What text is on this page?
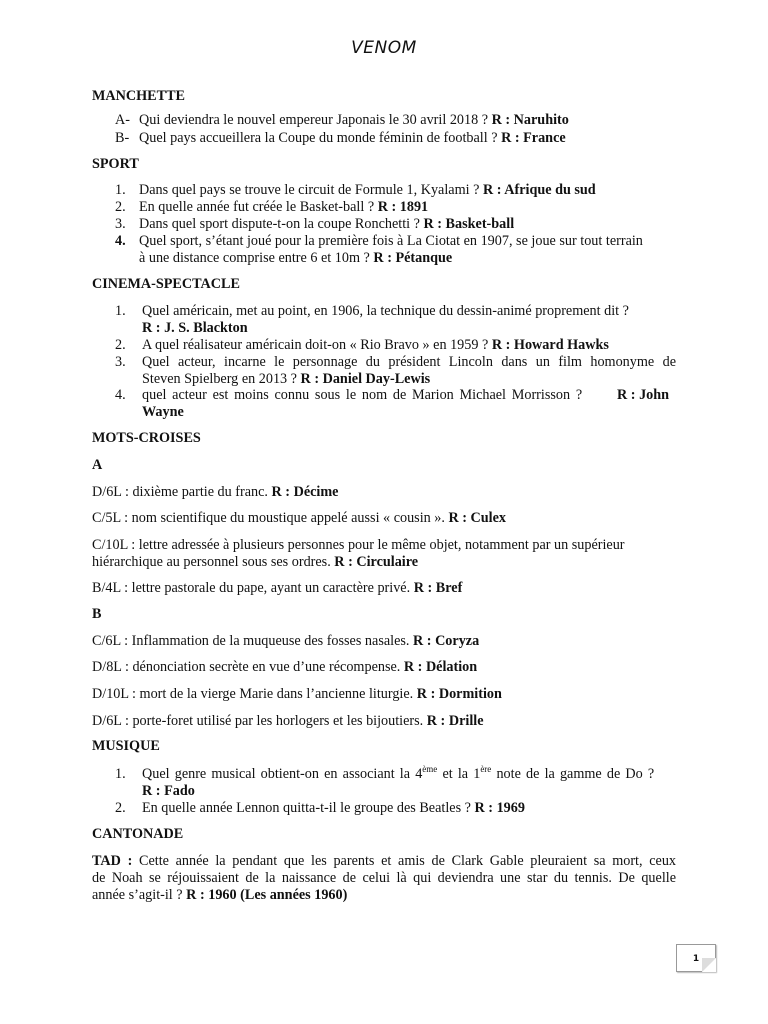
VENOM
MANCHETTE
A- Qui deviendra le nouvel empereur Japonais le 30 avril 2018 ? R : Naruhito
B- Quel pays accueillera la Coupe du monde féminin de football ? R : France
SPORT
1. Dans quel pays se trouve le circuit de Formule 1, Kyalami ? R : Afrique du sud
2. En quelle année fut créée le Basket-ball ? R : 1891
3. Dans quel sport dispute-t-on la coupe Ronchetti ? R : Basket-ball
4. Quel sport, s’étant joué pour la première fois à La Ciotat en 1907, se joue sur tout terrain
à une distance comprise entre 6 et 10m ? R : Pétanque
CINEMA-SPECTACLE
1. Quel américain, met au point, en 1906, la technique du dessin-animé proprement dit ?
R : J. S. Blackton
2. A quel réalisateur américain doit-on « Rio Bravo » en 1959 ? R : Howard Hawks
3. Quel acteur, incarne le personnage du président Lincoln dans un film homonyme de
Steven Spielberg en 2013 ? R : Daniel Day-Lewis
4. quel acteur est moins connu sous le nom de Marion Michael Morrisson ? R : John
Wayne
MOTS-CROISES
A
D/6L : dixième partie du franc. R : Décime
C/5L : nom scientifique du moustique appelé aussi « cousin ». R : Culex
C/10L : lettre adressée à plusieurs personnes pour le même objet, notamment par un supérieur
hiérarchique au personnel sous ses ordres. R : Circulaire
B/4L : lettre pastorale du pape, ayant un caractère privé. R : Bref
B
C/6L : Inflammation de la muqueuse des fosses nasales. R : Coryza
D/8L : dénonciation secrète en vue d’une récompense. R : Délation
D/10L : mort de la vierge Marie dans l’ancienne liturgie. R : Dormition
D/6L : porte-foret utilisé par les horlogers et les bijoutiers. R : Drille
MUSIQUE
1. Quel genre musical obtient-on en associant la 4ème et la 1ère note de la gamme de Do ?
R : Fado
2. En quelle année Lennon quitta-t-il le groupe des Beatles ? R : 1969
CANTONADE
TAD : Cette année la pendant que les parents et amis de Clark Gable pleuraient sa mort, ceux
de Noah se réjouissaient de la naissance de celui là qui deviendra une star du tennis. De quelle
année s’agit-il ? R : 1960 (Les années 1960)
1
